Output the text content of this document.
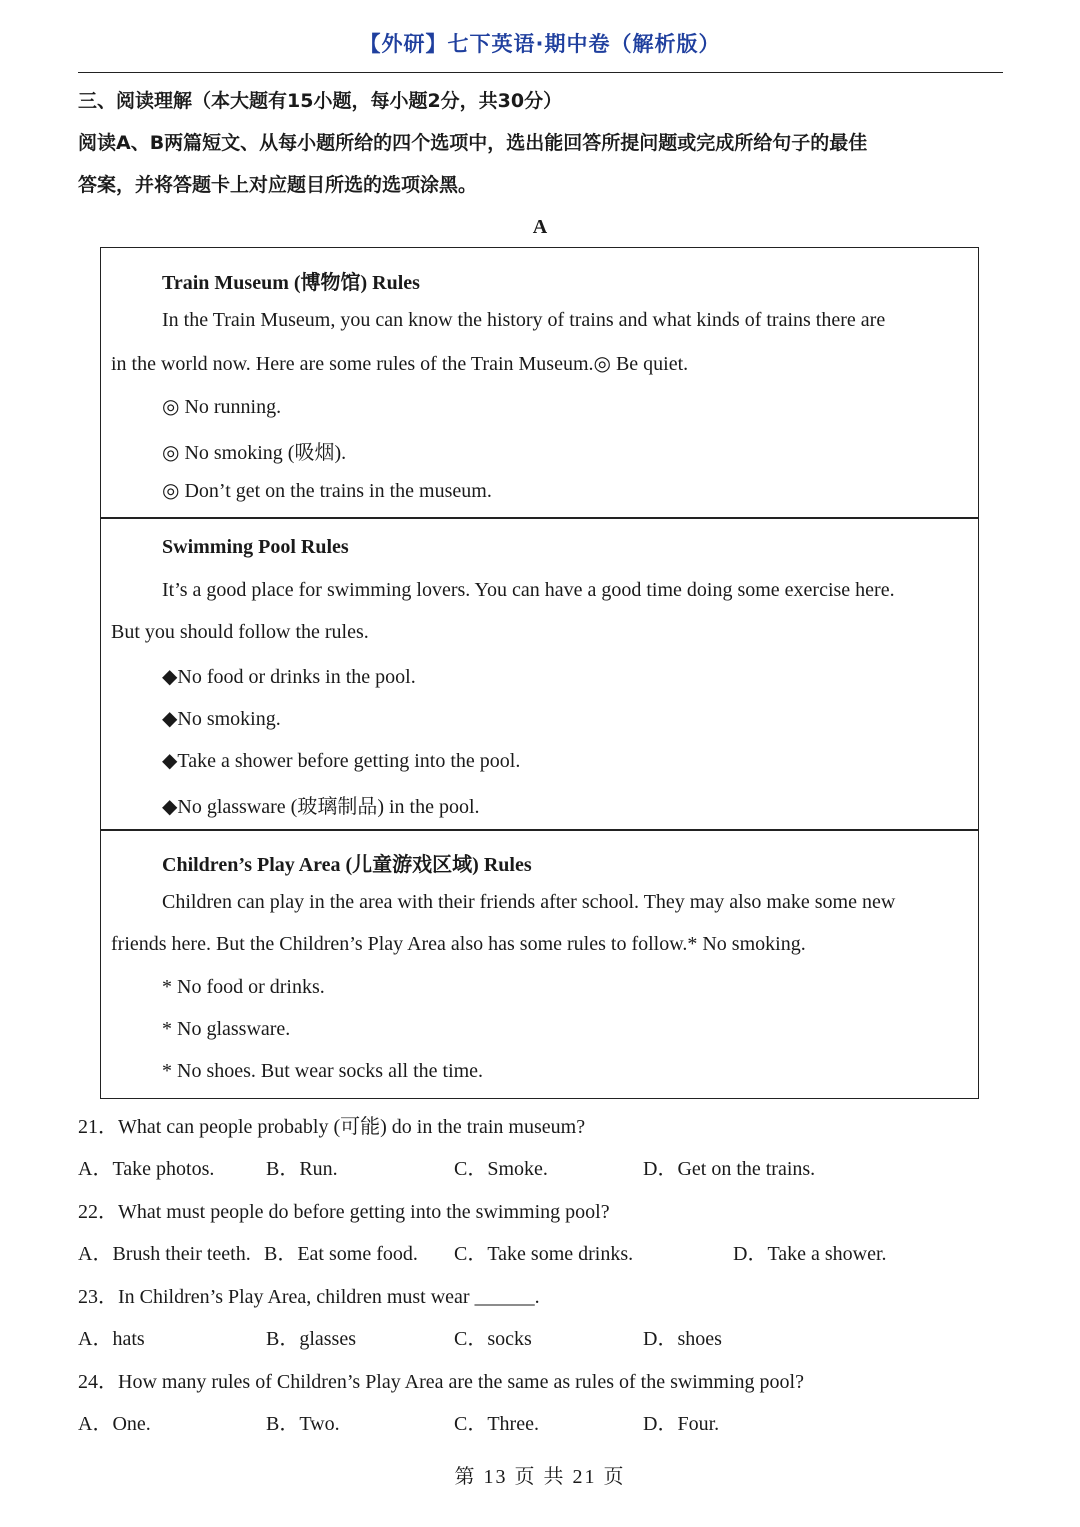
【外研】七下英语·期中卷（解析版）
三、阅读理解（本大题有15小题，每小题2分，共30分）
阅读A、B两篇短文、从每小题所给的四个选项中，选出能回答所提问题或完成所给句子的最佳
答案，并将答题卡上对应题目所选的选项涂黑。
A
Train Museum (博物馆) Rules
In the Train Museum, you can know the history of trains and what kinds of trains there are
in the world now. Here are some rules of the Train Museum.◎ Be quiet.
◎ No running.
◎ No smoking (吸烟).
◎ Don’t get on the trains in the museum.
Swimming Pool Rules
It’s a good place for swimming lovers. You can have a good time doing some exercise here.
But you should follow the rules.
◆No food or drinks in the pool.
◆No smoking.
◆Take a shower before getting into the pool.
◆No glassware (玻璃制品) in the pool.
Children’s Play Area (儿童游戏区域) Rules
Children can play in the area with their friends after school. They may also make some new
friends here. But the Children’s Play Area also has some rules to follow.* No smoking.
* No food or drinks.
* No glassware.
* No shoes. But wear socks all the time.
21．What can people probably (可能) do in the train museum?
A．Take photos.	B．Run.	C．Smoke.	D．Get on the trains.
22．What must people do before getting into the swimming pool?
A．Brush their teeth. B．Eat some food. C．Take some drinks.	D．Take a shower.
23．In Children’s Play Area, children must wear ______.
A．hats	B．glasses	C．socks	D．shoes
24．How many rules of Children’s Play Area are the same as rules of the swimming pool?
A．One.	B．Two.	C．Three.	D．Four.
第 13 页 共 21 页
